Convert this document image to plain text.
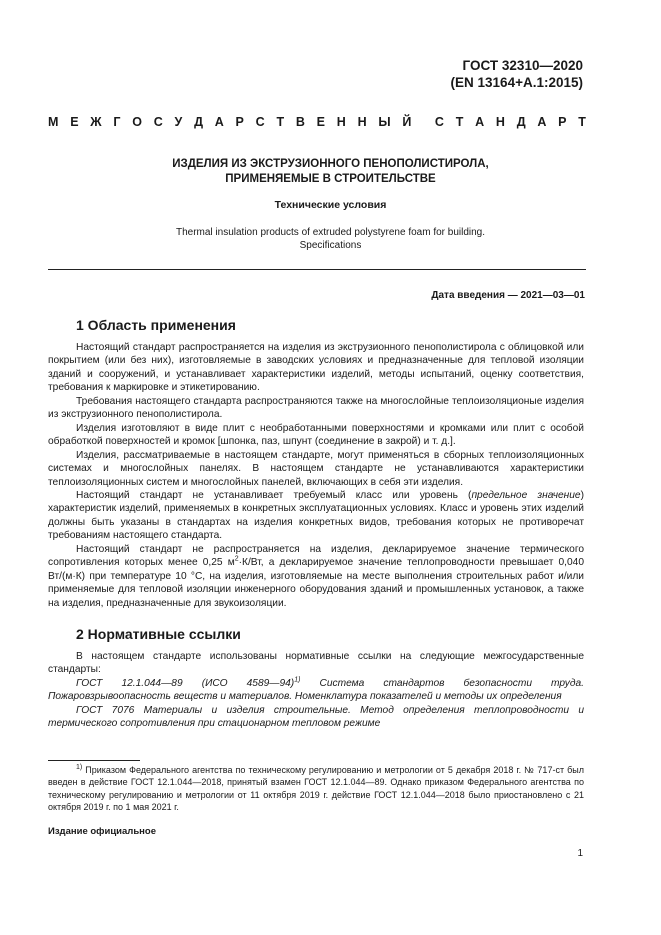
ГОСТ 32310—2020
(EN 13164+A.1:2015)
М Е Ж Г О С У Д А Р С Т В Е Н Н Ы Й С Т А Н Д А Р Т
ИЗДЕЛИЯ ИЗ ЭКСТРУЗИОННОГО ПЕНОПОЛИСТИРОЛА,
ПРИМЕНЯЕМЫЕ В СТРОИТЕЛЬСТВЕ
Технические условия
Thermal insulation products of extruded polystyrene foam for building.
Specifications
Дата введения — 2021—03—01
1 Область применения

Настоящий стандарт распространяется на изделия из экструзионного пенополистирола с облицовкой или покрытием (или без них), изготовляемые в заводских условиях и предназначенные для тепловой изоляции зданий и сооружений, и устанавливает характеристики изделий, методы испытаний, оценку соответствия, требования к маркировке и этикетированию.

Требования настоящего стандарта распространяются также на многослойные теплоизоляционые изделия из экструзионного пенополистирола.

Изделия изготовляют в виде плит с необработанными поверхностями и кромками или плит с особой обработкой поверхностей и кромок [шпонка, паз, шпунт (соединение в закрой) и т. д.].

Изделия, рассматриваемые в настоящем стандарте, могут применяться в сборных теплоизоляционных системах и многослойных панелях. В настоящем стандарте не устанавливаются характеристики теплоизоляционных систем и многослойных панелей, включающих в себя эти изделия.

Настоящий стандарт не устанавливает требуемый класс или уровень (предельное значение) характеристик изделий, применяемых в конкретных эксплуатационных условиях. Класс и уровень этих изделий должны быть указаны в стандартах на изделия конкретных видов, требования которых не противоречат требованиям настоящего стандарта.

Настоящий стандарт не распространяется на изделия, декларируемое значение термического сопротивления которых менее 0,25 $м^2\cdot К/Вт$, а декларируемое значение теплопроводности превышает 0,040 Вт/(м·К) при температуре 10 °С, на изделия, изготовляемые на месте выполнения строительных работ и/или применяемые для тепловой изоляции инженерного оборудования зданий и промышленных установок, а также на изделия, предназначенные для звукоизоляции.

2 Нормативные ссылки

В настоящем стандарте использованы нормативные ссылки на следующие межгосударственные стандарты:

ГОСТ 12.1.044—89 (ИСО 4589—94)$^{1)}$ Система стандартов безопасности труда. Пожаровзрывоопасность веществ и материалов. Номенклатура показателей и методы их определения

ГОСТ 7076 Материалы и изделия строительные. Метод определения теплопроводности и термического сопротивления при стационарном тепловом режиме

$^{1)}$ Приказом Федерального агентства по техническому регулированию и метрологии от 5 декабря 2018 г. № 717-ст был введен в действие ГОСТ 12.1.044—2018, принятый взамен ГОСТ 12.1.044—89. Однако приказом Федерального агентства по техническому регулированию и метрологии от 11 октября 2019 г. действие ГОСТ 12.1.044—2018 было приостановлено с 21 октября 2019 г. по 1 мая 2021 г.

Издание официальное
1
